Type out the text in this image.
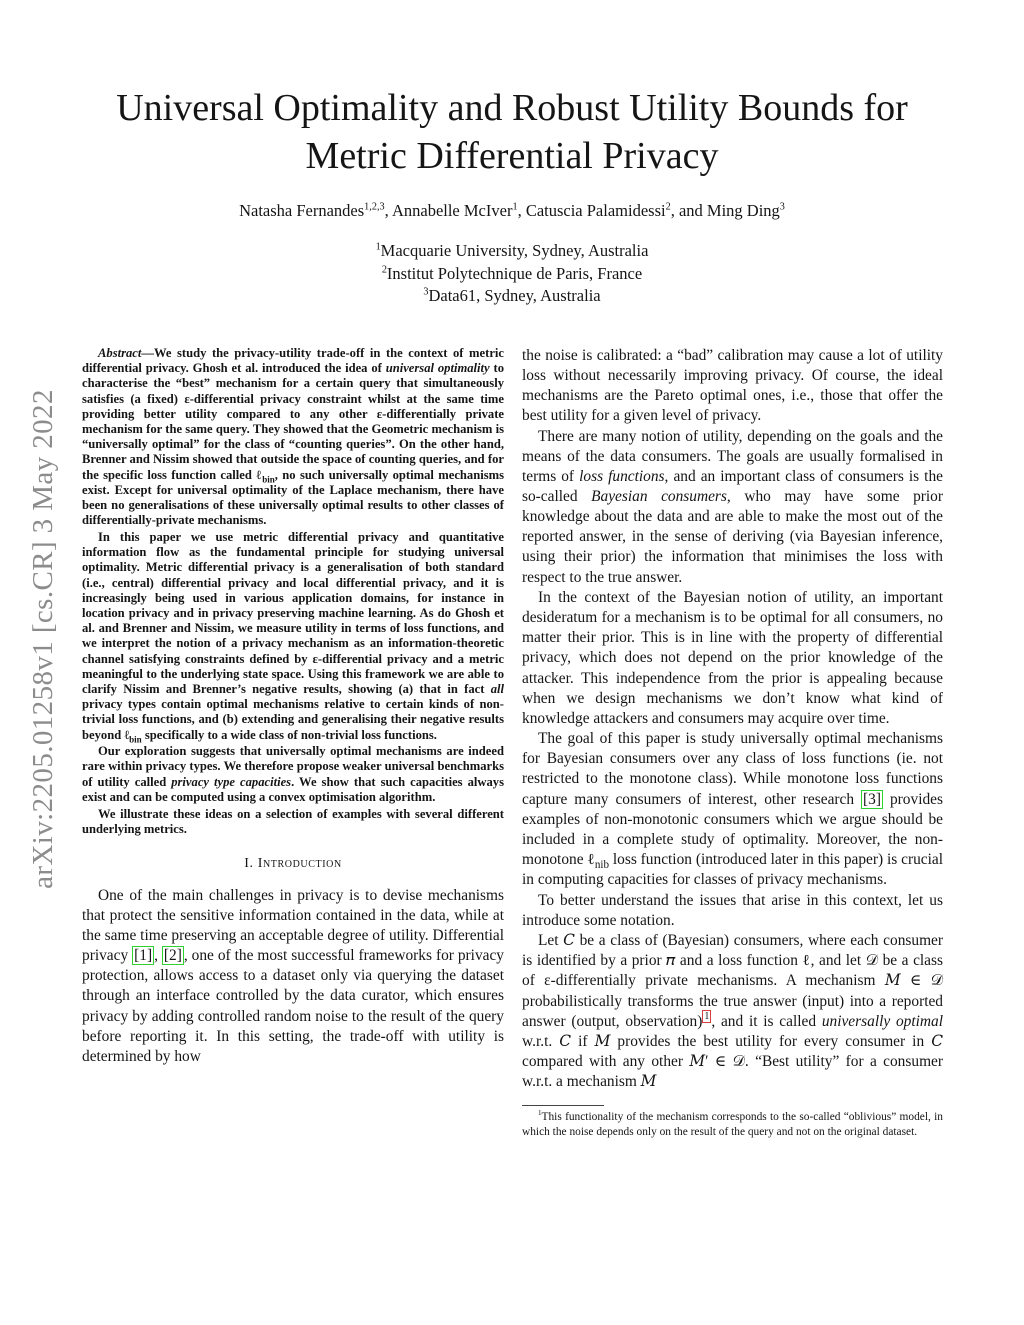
arXiv:2205.01258v1 [cs.CR] 3 May 2022
Universal Optimality and Robust Utility Bounds for
Metric Differential Privacy
Natasha Fernandes$^{1,2,3}$, Annabelle McIver$^1$, Catuscia Palamidessi$^2$, and Ming Ding$^3$
$^1$Macquarie University, Sydney, Australia
$^2$Institut Polytechnique de Paris, France
$^3$Data61, Sydney, Australia

Abstract—We study the privacy-utility trade-off in the context of metric differential privacy. Ghosh et al. introduced the idea of universal optimality to characterise the “best” mechanism for a certain query that simultaneously satisfies (a fixed) ε-differential privacy constraint whilst at the same time providing better utility compared to any other ε-differentially private mechanism for the same query. They showed that the Geometric mechanism is “universally optimal” for the class of “counting queries”. On the other hand, Brenner and Nissim showed that outside the space of counting queries, and for the specific loss function called ℓ$_{bin}$, no such universally optimal mechanisms exist. Except for universal optimality of the Laplace mechanism, there have been no generalisations of these universally optimal results to other classes of differentially-private mechanisms.

In this paper we use metric differential privacy and quantitative information flow as the fundamental principle for studying universal optimality. Metric differential privacy is a generalisation of both standard (i.e., central) differential privacy and local differential privacy, and it is increasingly being used in various application domains, for instance in location privacy and in privacy preserving machine learning. As do Ghosh et al. and Brenner and Nissim, we measure utility in terms of loss functions, and we interpret the notion of a privacy mechanism as an information-theoretic channel satisfying constraints defined by ε-differential privacy and a metric meaningful to the underlying state space. Using this framework we are able to clarify Nissim and Brenner’s negative results, showing (a) that in fact all privacy types contain optimal mechanisms relative to certain kinds of non-trivial loss functions, and (b) extending and generalising their negative results beyond ℓ$_{bin}$ specifically to a wide class of non-trivial loss functions.

Our exploration suggests that universally optimal mechanisms are indeed rare within privacy types. We therefore propose weaker universal benchmarks of utility called privacy type capacities. We show that such capacities always exist and can be computed using a convex optimisation algorithm.

We illustrate these ideas on a selection of examples with several different underlying metrics.

I. Introduction

One of the main challenges in privacy is to devise mechanisms that protect the sensitive information contained in the data, while at the same time preserving an acceptable degree of utility. Differential privacy [1] , [2] , one of the most successful frameworks for privacy protection, allows access to a dataset only via querying the dataset through an interface controlled by the data curator, which ensures privacy by adding controlled random noise to the result of the query before reporting it. In this setting, the trade-off with utility is determined by how

the noise is calibrated: a “bad” calibration may cause a lot of utility loss without necessarily improving privacy. Of course, the ideal mechanisms are the Pareto optimal ones, i.e., those that offer the best utility for a given level of privacy.

There are many notion of utility, depending on the goals and the means of the data consumers. The goals are usually formalised in terms of loss functions, and an important class of consumers is the so-called Bayesian consumers, who may have some prior knowledge about the data and are able to make the most out of the reported answer, in the sense of deriving (via Bayesian inference, using their prior) the information that minimises the loss with respect to the true answer.

In the context of the Bayesian notion of utility, an important desideratum for a mechanism is to be optimal for all consumers, no matter their prior. This is in line with the property of differential privacy, which does not depend on the prior knowledge of the attacker. This independence from the prior is appealing because when we design mechanisms we don’t know what kind of knowledge attackers and consumers may acquire over time.

The goal of this paper is study universally optimal mechanisms for Bayesian consumers over any class of loss functions (ie. not restricted to the monotone class). While monotone loss functions capture many consumers of interest, other research [3] provides examples of non-monotonic consumers which we argue should be included in a complete study of optimality. Moreover, the non-monotone ℓ$_{nib}$ loss function (introduced later in this paper) is crucial in computing capacities for classes of privacy mechanisms.

To better understand the issues that arise in this context, let us introduce some notation.

Let 𝐶 be a class of (Bayesian) consumers, where each consumer is identified by a prior 𝜋 and a loss function ℓ, and let 𝒟 be a class of ε-differentially private mechanisms. A mechanism 𝑀 ∈ 𝒟 probabilistically transforms the true answer (input) into a reported answer (output, observation) $^1$ , and it is called universally optimal w.r.t. 𝐶 if 𝑀 provides the best utility for every consumer in 𝐶 compared with any other 𝑀′ ∈ 𝒟. “Best utility” for a consumer w.r.t. a mechanism 𝑀

$^1$This functionality of the mechanism corresponds to the so-called “oblivious” model, in which the noise depends only on the result of the query and not on the original dataset.
